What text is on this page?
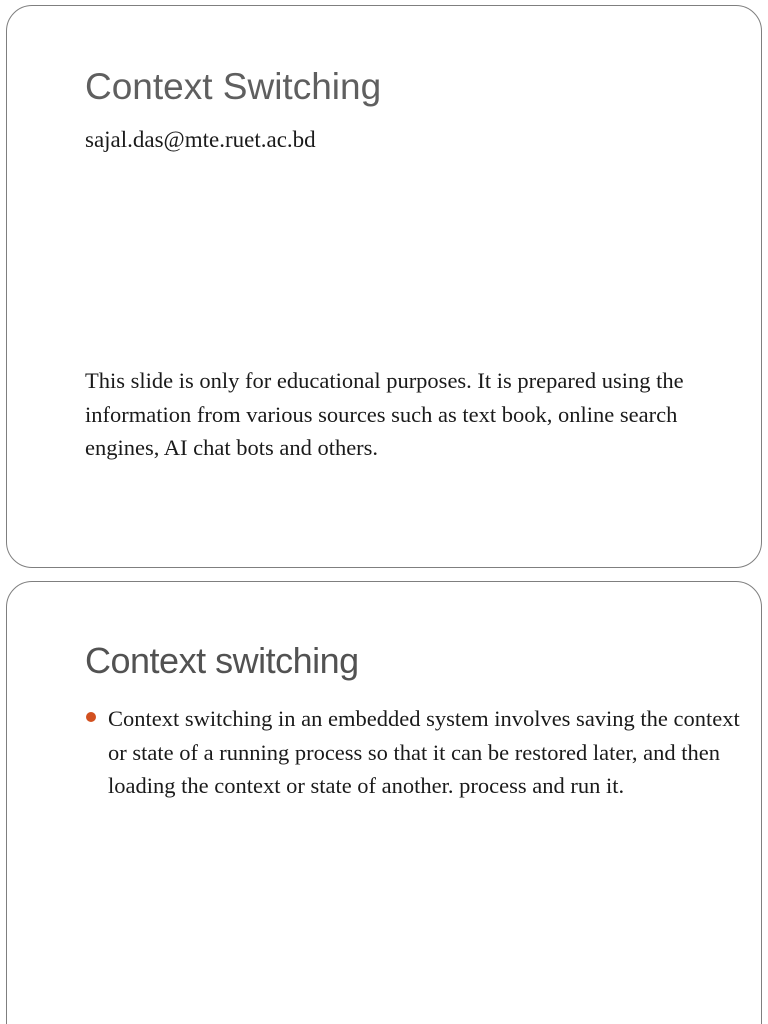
Context Switching
sajal.das@mte.ruet.ac.bd
This slide is only for educational purposes. It is prepared using the information from various sources such as text book, online search engines, AI chat bots and others.
Context switching
Context switching in an embedded system involves saving the context or state of a running process so that it can be restored later, and then loading the context or state of another. process and run it.
